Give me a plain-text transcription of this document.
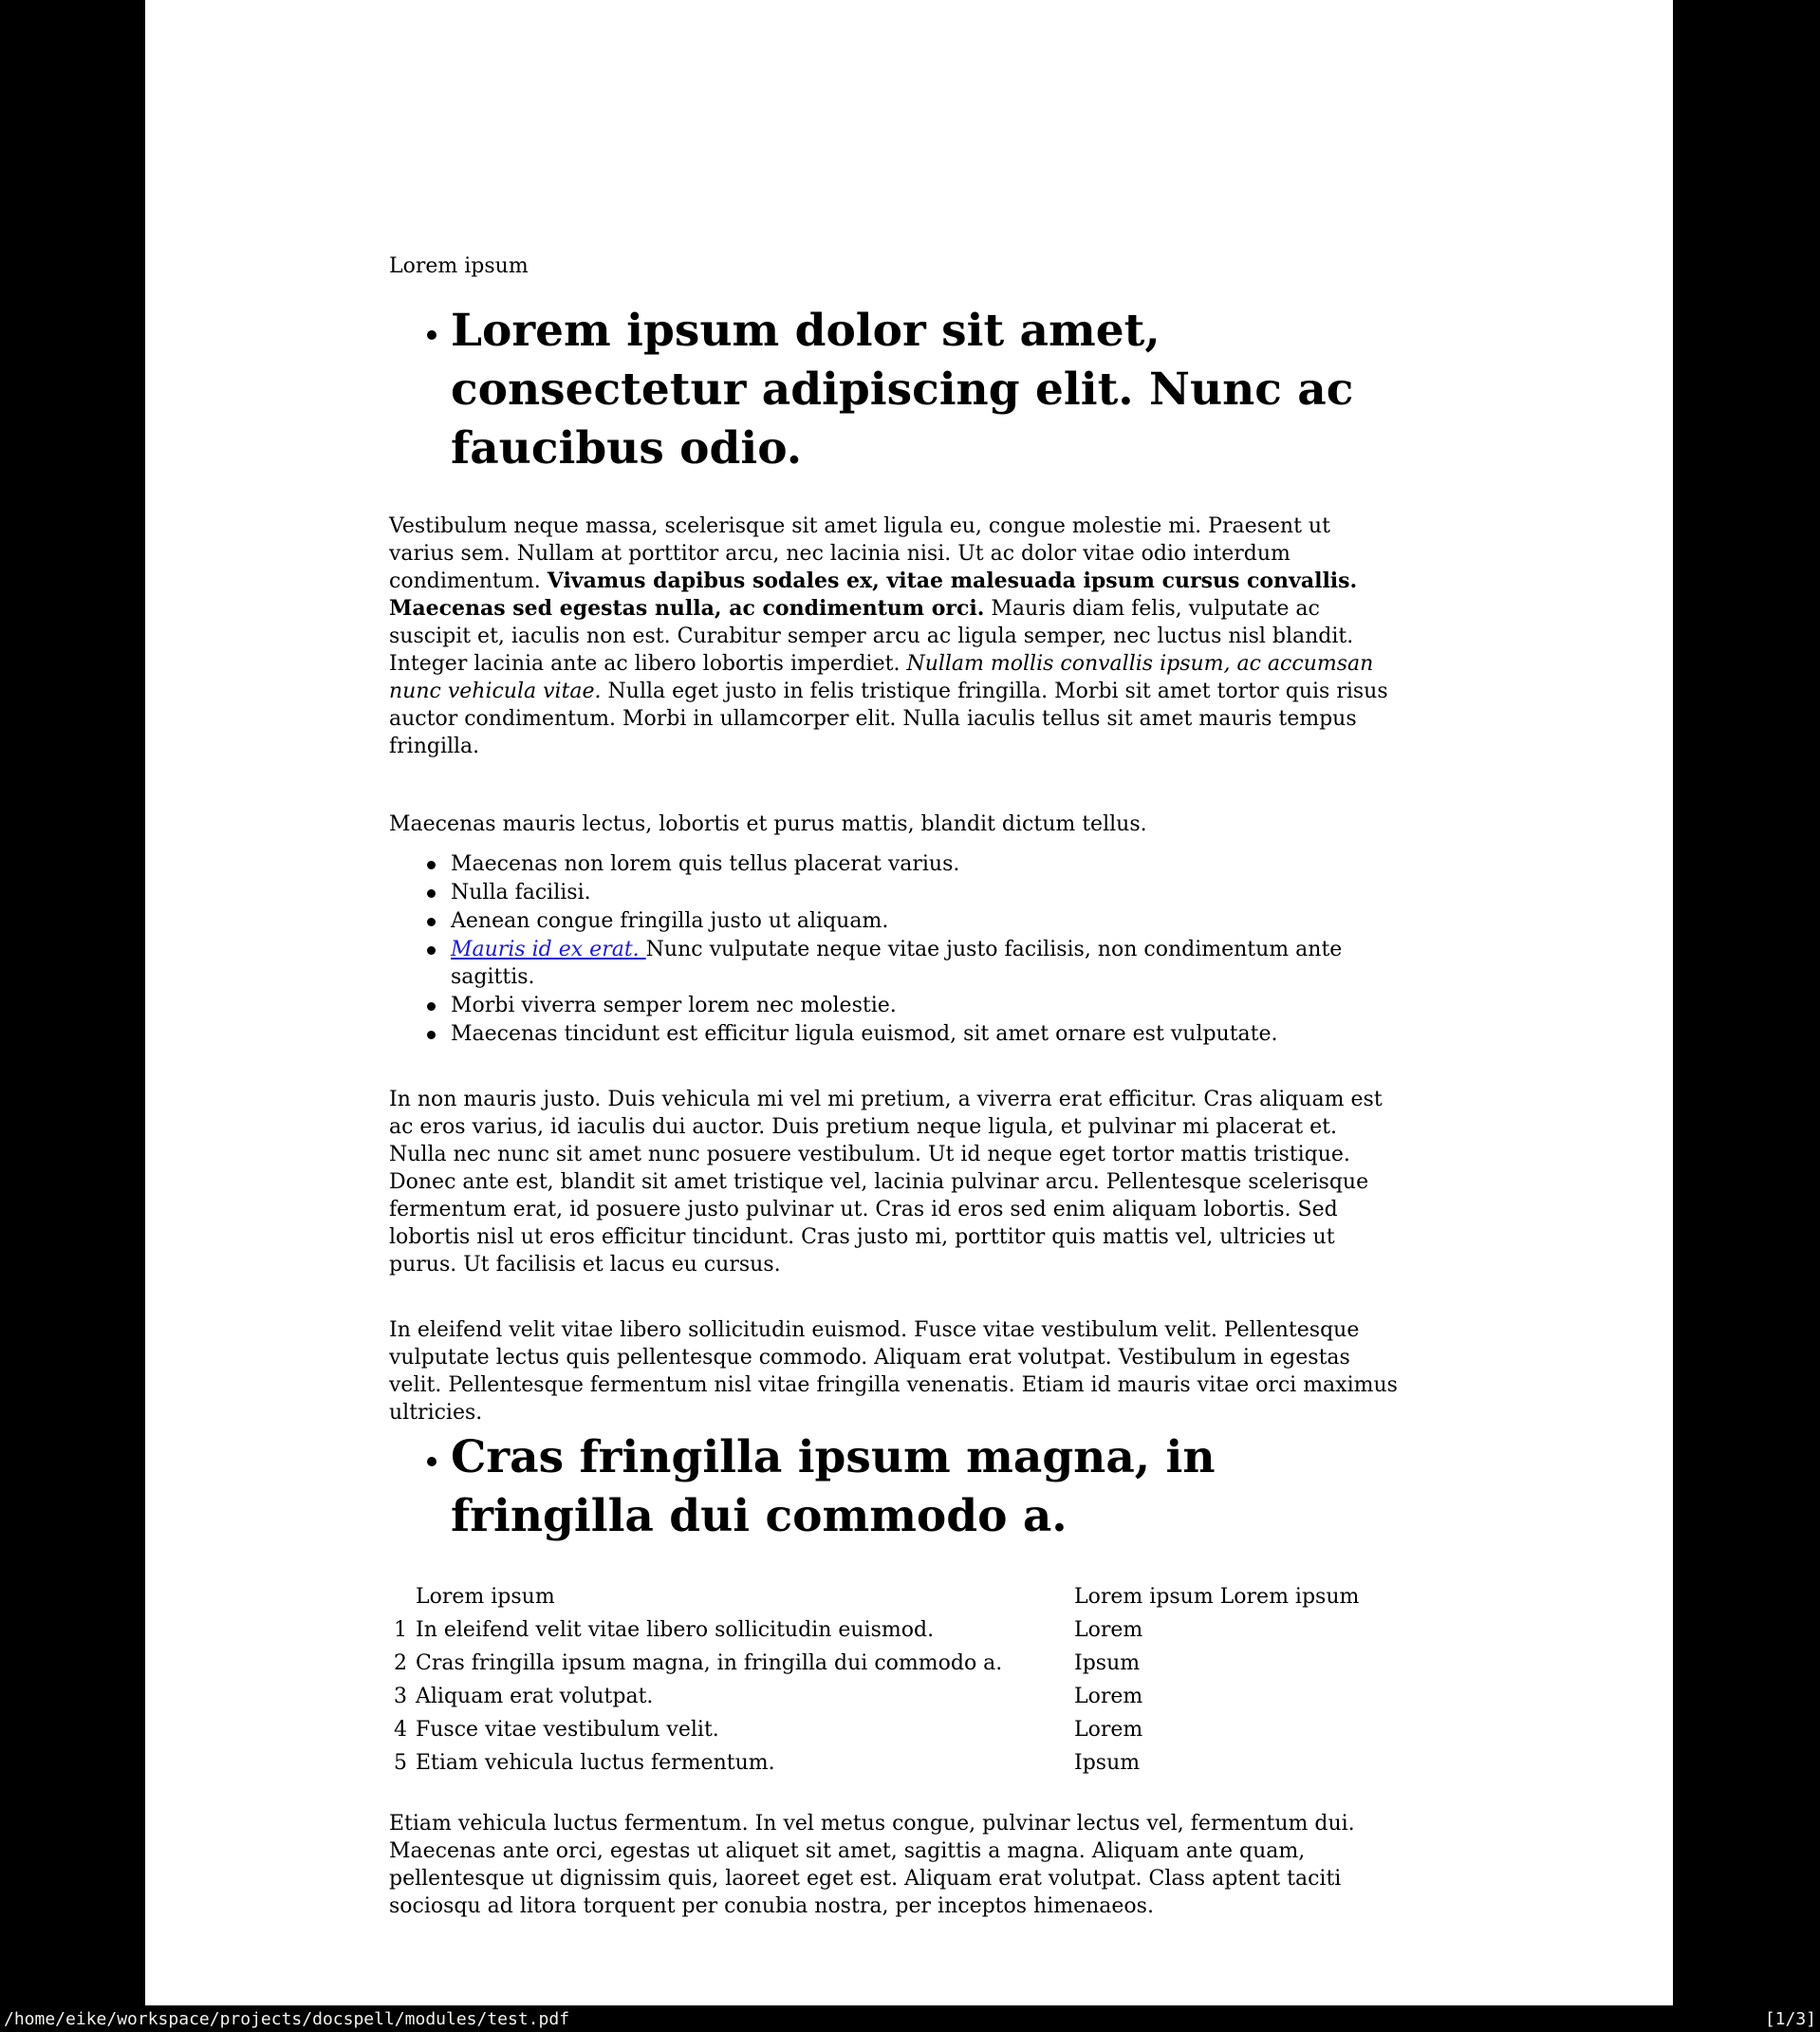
Lorem ipsum
Lorem ipsum dolor sit amet,
consectetur adipiscing elit. Nunc ac
faucibus odio.

Vestibulum neque massa, scelerisque sit amet ligula eu, congue molestie mi. Praesent ut varius sem. Nullam at porttitor arcu, nec lacinia nisi. Ut ac dolor vitae odio interdum condimentum. Vivamus dapibus sodales ex, vitae malesuada ipsum cursus convallis. Maecenas sed egestas nulla, ac condimentum orci. Mauris diam felis, vulputate ac suscipit et, iaculis non est. Curabitur semper arcu ac ligula semper, nec luctus nisl blandit. Integer lacinia ante ac libero lobortis imperdiet. Nullam mollis convallis ipsum, ac accumsan nunc vehicula vitae. Nulla eget justo in felis tristique fringilla. Morbi sit amet tortor quis risus auctor condimentum. Morbi in ullamcorper elit. Nulla iaculis tellus sit amet mauris tempus fringilla.

Maecenas mauris lectus, lobortis et purus mattis, blandit dictum tellus.

Maecenas non lorem quis tellus placerat varius.
Nulla facilisi.
Aenean congue fringilla justo ut aliquam.
Mauris id ex erat. Nunc vulputate neque vitae justo facilisis, non condimentum ante sagittis.
Morbi viverra semper lorem nec molestie.
Maecenas tincidunt est efficitur ligula euismod, sit amet ornare est vulputate.

In non mauris justo. Duis vehicula mi vel mi pretium, a viverra erat efficitur. Cras aliquam est ac eros varius, id iaculis dui auctor. Duis pretium neque ligula, et pulvinar mi placerat et. Nulla nec nunc sit amet nunc posuere vestibulum. Ut id neque eget tortor mattis tristique. Donec ante est, blandit sit amet tristique vel, lacinia pulvinar arcu. Pellentesque scelerisque fermentum erat, id posuere justo pulvinar ut. Cras id eros sed enim aliquam lobortis. Sed lobortis nisl ut eros efficitur tincidunt. Cras justo mi, porttitor quis mattis vel, ultricies ut purus. Ut facilisis et lacus eu cursus.

In eleifend velit vitae libero sollicitudin euismod. Fusce vitae vestibulum velit. Pellentesque vulputate lectus quis pellentesque commodo. Aliquam erat volutpat. Vestibulum in egestas velit. Pellentesque fermentum nisl vitae fringilla venenatis. Etiam id mauris vitae orci maximus ultricies.

Cras fringilla ipsum magna, in
fringilla dui commodo a.
Lorem ipsum	Lorem ipsum Lorem ipsum
1 In eleifend velit vitae libero sollicitudin euismod.	Lorem
2 Cras fringilla ipsum magna, in fringilla dui commodo a.	Ipsum
3 Aliquam erat volutpat.	Lorem
4 Fusce vitae vestibulum velit.	Lorem
5 Etiam vehicula luctus fermentum.	Ipsum

Etiam vehicula luctus fermentum. In vel metus congue, pulvinar lectus vel, fermentum dui. Maecenas ante orci, egestas ut aliquet sit amet, sagittis a magna. Aliquam ante quam, pellentesque ut dignissim quis, laoreet eget est. Aliquam erat volutpat. Class aptent taciti sociosqu ad litora torquent per conubia nostra, per inceptos himenaeos.

/home/eike/workspace/projects/docspell/modules/test.pdf	[1/3]
